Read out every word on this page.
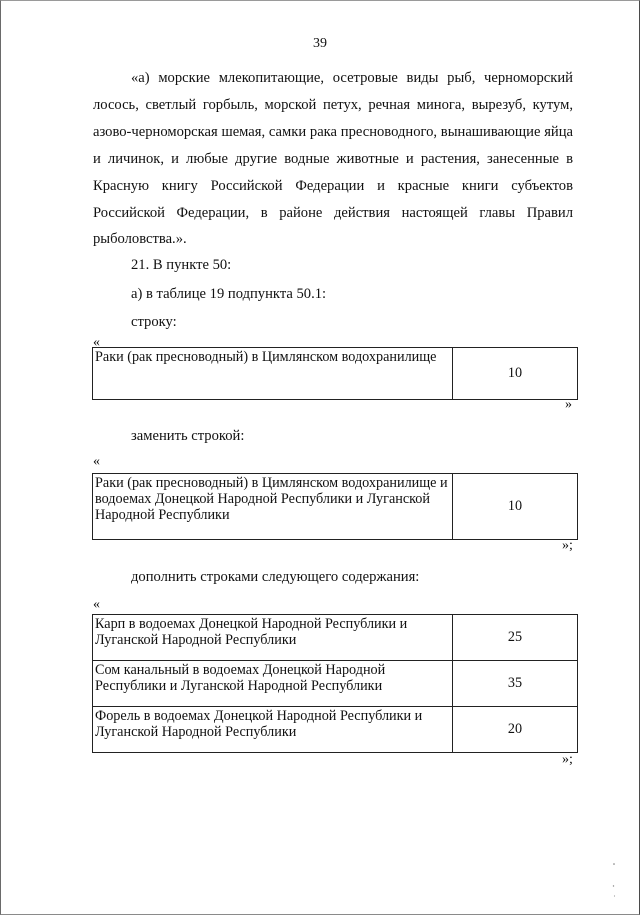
39
«а) морские млекопитающие, осетровые виды рыб, черноморский лосось, светлый горбыль, морской петух, речная минога, вырезуб, кутум, азово-черноморская шемая, самки рака пресноводного, вынашивающие яйца и личинок, и любые другие водные животные и растения, занесенные в Красную книгу Российской Федерации и красные книги субъектов Российской Федерации, в районе действия настоящей главы Правил рыболовства.».
21. В пункте 50:
а) в таблице 19 подпункта 50.1:
строку:
«
Раки (рак пресноводный) в Цимлянском водохранилище	10
»
заменить строкой:
«
Раки (рак пресноводный) в Цимлянском водохранилище и водоемах Донецкой Народной Республики и Луганской Народной Республики	10
»;
дополнить строками следующего содержания:
«
Карп в водоемах Донецкой Народной Республики и Луганской Народной Республики	25
Сом канальный в водоемах Донецкой Народной Республики и Луганской Народной Республики	35
Форель в водоемах Донецкой Народной Республики и Луганской Народной Республики	20
»;
